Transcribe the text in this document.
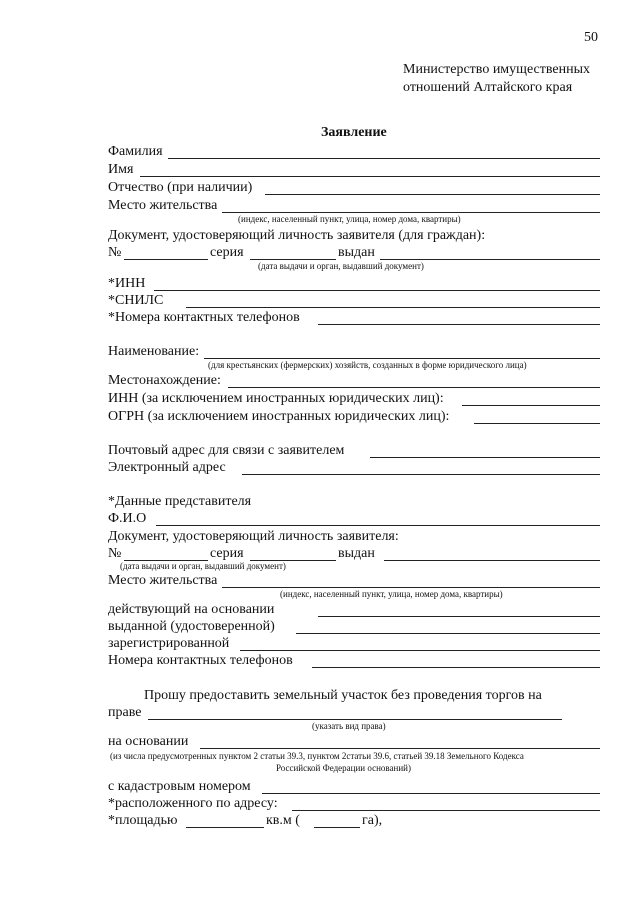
50
Министерство имущественных
отношений Алтайского края
Заявление
Фамилия
Имя
Отчество (при наличии)
Место жительства
(индекс, населенный пункт, улица, номер дома, квартиры)
Документ, удостоверяющий личность заявителя (для граждан):
№	серия	выдан
(дата выдачи и орган, выдавший документ)
*ИНН
*СНИЛС
*Номера контактных телефонов
Наименование:
(для крестьянских (фермерских) хозяйств, созданных в форме юридического лица)
Местонахождение:
ИНН (за исключением иностранных юридических лиц):
ОГРН (за исключением иностранных юридических лиц):
Почтовый адрес для связи с заявителем
Электронный адрес
*Данные представителя
Ф.И.О
Документ, удостоверяющий личность заявителя:
№	серия	выдан
(дата выдачи и орган, выдавший документ)
Место жительства
(индекс, населенный пункт, улица, номер дома, квартиры)
действующий на основании
выданной (удостоверенной)
зарегистрированной
Номера контактных телефонов
Прошу предоставить земельный участок без проведения торгов на
праве
(указать вид права)
на основании
(из числа предусмотренных пунктом 2 статьи 39.3, пунктом 2статьи 39.6, статьей 39.18 Земельного Кодекса
Российской Федерации оснований)
с кадастровым номером
*расположенного по адресу:
*площадью	кв.м (	га),
